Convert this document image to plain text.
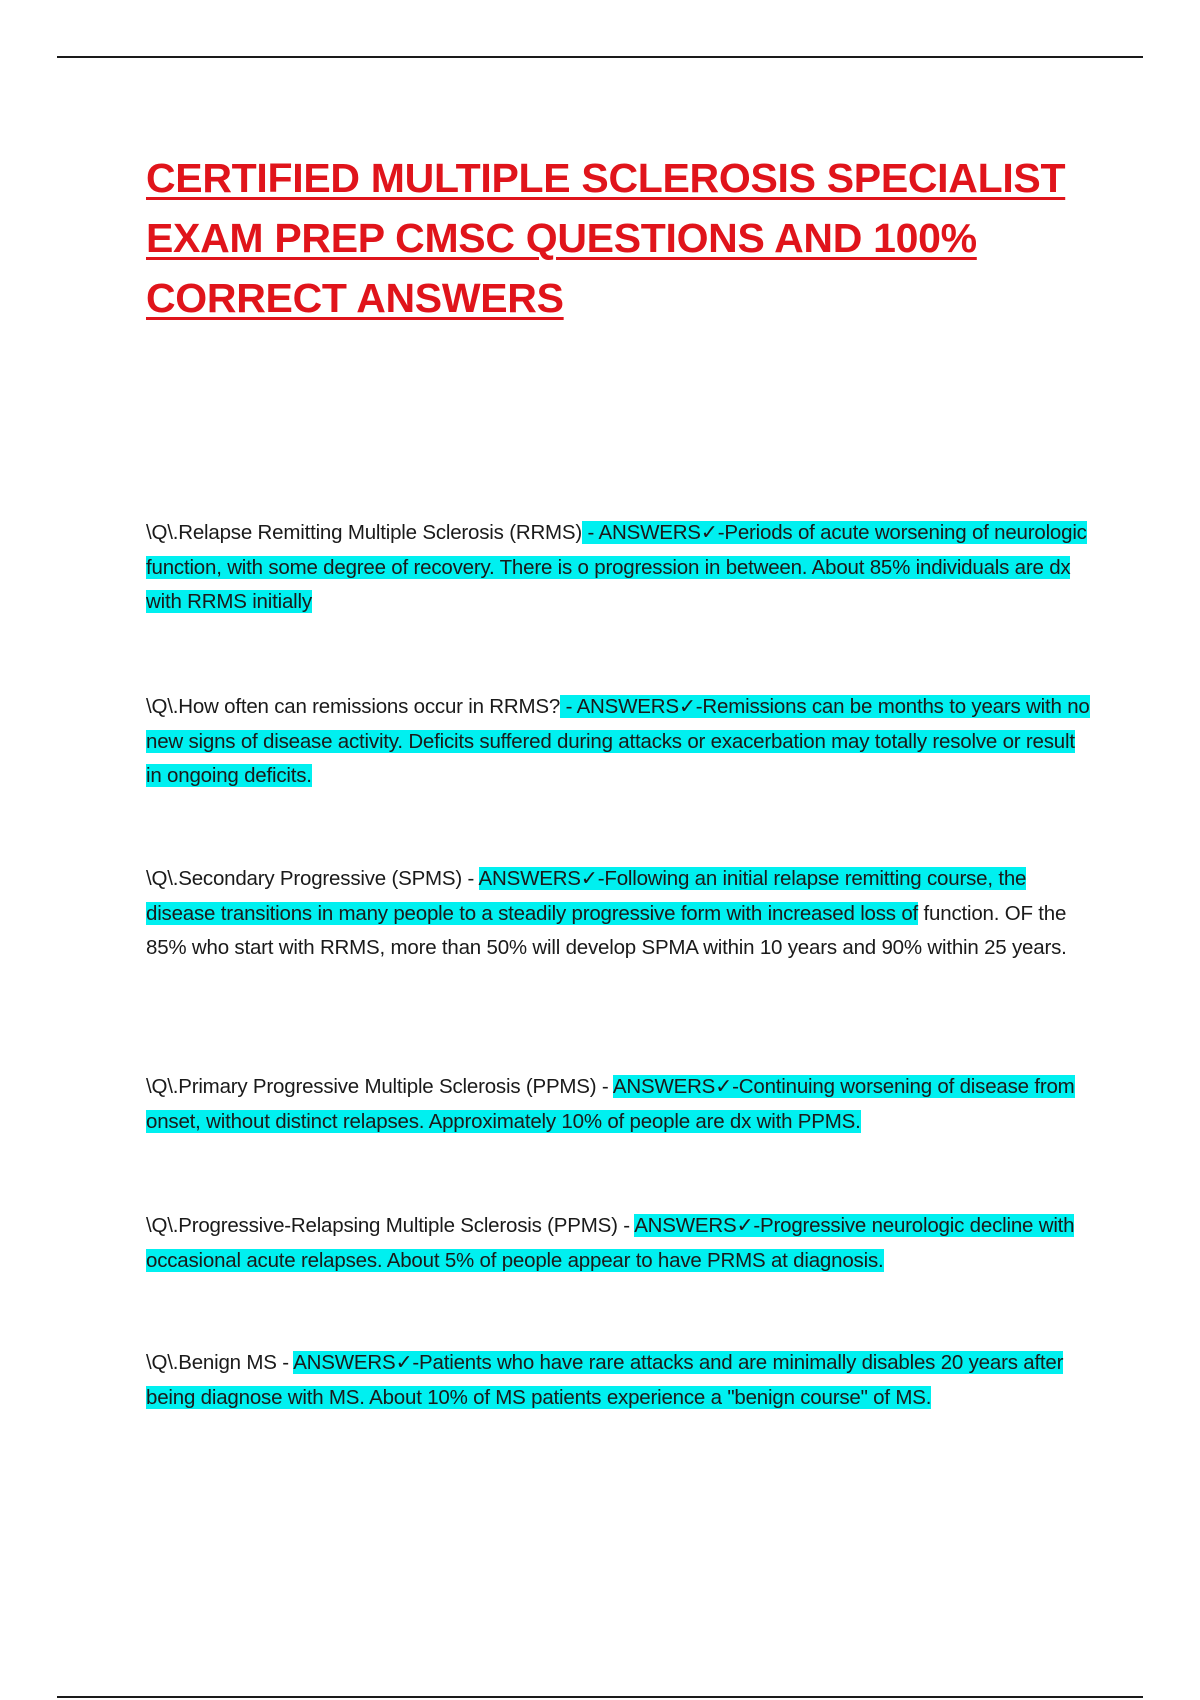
CERTIFIED MULTIPLE SCLEROSIS SPECIALIST EXAM PREP CMSC QUESTIONS AND 100% CORRECT ANSWERS

\Q\.Relapse Remitting Multiple Sclerosis (RRMS) - ANSWERS✓-Periods of acute worsening of neurologic function, with some degree of recovery. There is o progression in between. About 85% individuals are dx with RRMS initially

\Q\.How often can remissions occur in RRMS? - ANSWERS✓-Remissions can be months to years with no new signs of disease activity. Deficits suffered during attacks or exacerbation may totally resolve or result in ongoing deficits.

\Q\.Secondary Progressive (SPMS) - ANSWERS✓-Following an initial relapse remitting course, the disease transitions in many people to a steadily progressive form with increased loss of function. OF the 85% who start with RRMS, more than 50% will develop SPMA within 10 years and 90% within 25 years.

\Q\.Primary Progressive Multiple Sclerosis (PPMS) - ANSWERS✓-Continuing worsening of disease from onset, without distinct relapses. Approximately 10% of people are dx with PPMS.

\Q\.Progressive-Relapsing Multiple Sclerosis (PPMS) - ANSWERS✓-Progressive neurologic decline with occasional acute relapses. About 5% of people appear to have PRMS at diagnosis.

\Q\.Benign MS - ANSWERS✓-Patients who have rare attacks and are minimally disables 20 years after being diagnose with MS. About 10% of MS patients experience a "benign course" of MS.
